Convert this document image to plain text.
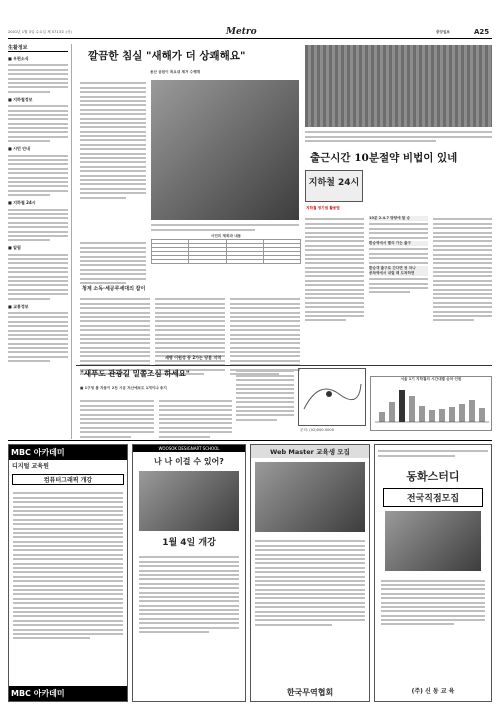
2001년 1월 3일 수요일 제 0713호 (서)	Metro	중앙일보	A25
生활정보
■ 우편소식
■ 지하철정보
■ 시민 안내
■ 지하철 24시
■ 알림
■ 교통정보
깔끔한 침실 "새해가 더 상쾌해요"
용산 공원이 목요대 제거 수행계
사진의 제목과 내용

청계 소독·세공루세대의 잡이
새명 이원성 동 2가는 당분 지역
출근시간 10분절약 비법이 있네
지하철 24시
지하철 정기권 활용법
10분 2.4.7 방향에 탈 승
환승역에서 빨리 가는 출구
환승객 출구로 간다면 첫 차나
종착역에서 내릴 때 도착하면
서울 1기 지하철의 시간대별 승차 인원
"새푸도 관광길 밀쫄조심 하세요"
■ 1구청 봄 자동이 2천 시공 저산예보도 1개이냐 송지
문의: (02)000-0000
MBC 아카데미
디지털 교육원
컴퓨터그래픽 개강
MBC 아카데미
WOOSOK DESIGNART SCHOOL
나 나 이걸 수 있어?
1월 4일 개강
Web Master 교육생 모집
한국무역협회
동화스터디
전국직점모집
(주) 신 동 교 육
